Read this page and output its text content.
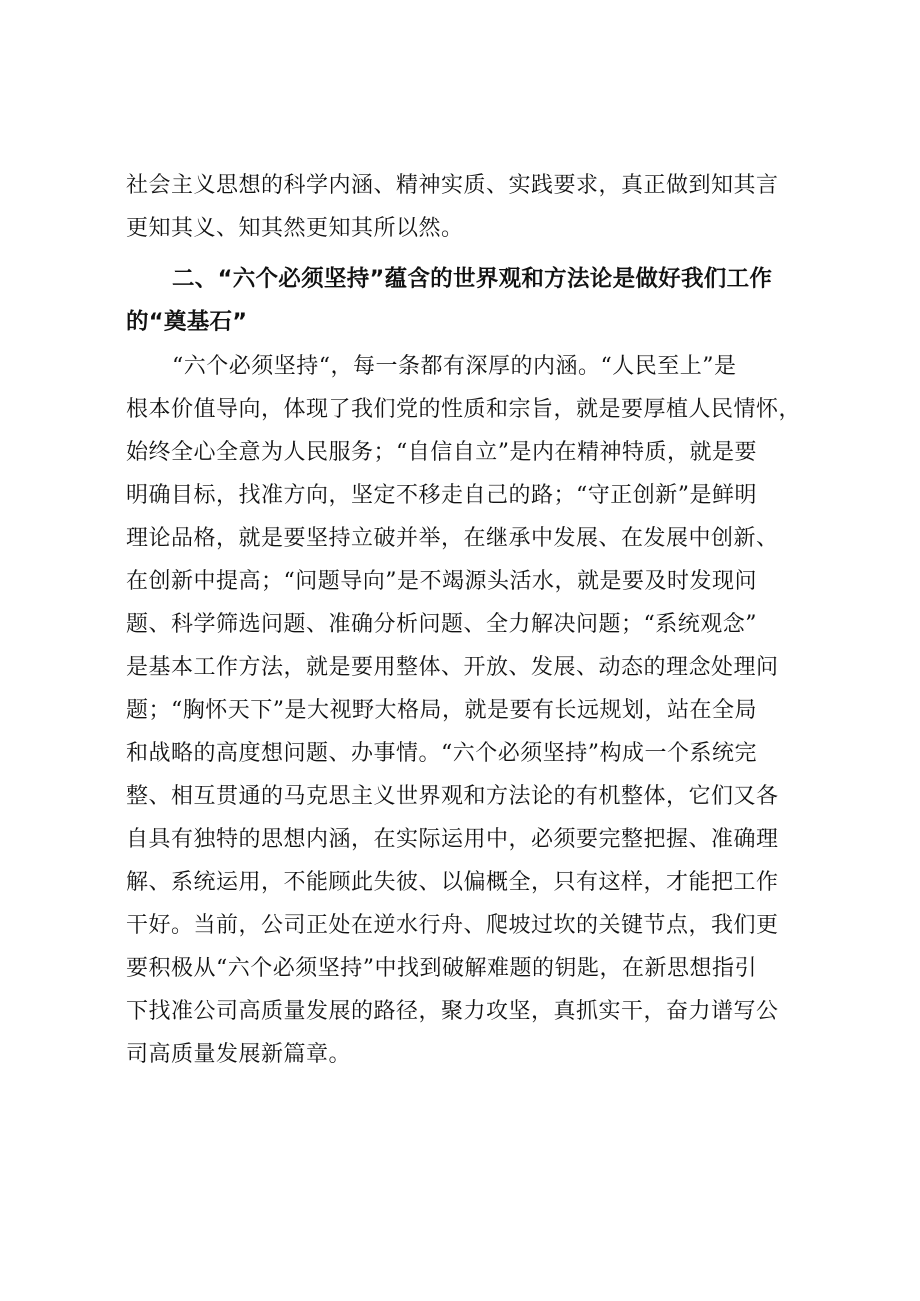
社会主义思想的科学内涵、精神实质、实践要求，真正做到知其言
更知其义、知其然更知其所以然。
二、“六个必须坚持”蕴含的世界观和方法论是做好我们工作
的“奠基石”
“六个必须坚持“，每一条都有深厚的内涵。“人民至上”是
根本价值导向，体现了我们党的性质和宗旨，就是要厚植人民情怀，
始终全心全意为人民服务；“自信自立”是内在精神特质，就是要
明确目标，找准方向，坚定不移走自己的路；“守正创新”是鲜明
理论品格，就是要坚持立破并举，在继承中发展、在发展中创新、
在创新中提高；“问题导向”是不竭源头活水，就是要及时发现问
题、科学筛选问题、准确分析问题、全力解决问题；“系统观念”
是基本工作方法，就是要用整体、开放、发展、动态的理念处理问
题；“胸怀天下”是大视野大格局，就是要有长远规划，站在全局
和战略的高度想问题、办事情。“六个必须坚持”构成一个系统完
整、相互贯通的马克思主义世界观和方法论的有机整体，它们又各
自具有独特的思想内涵，在实际运用中，必须要完整把握、准确理
解、系统运用，不能顾此失彼、以偏概全，只有这样，才能把工作
干好。当前，公司正处在逆水行舟、爬坡过坎的关键节点，我们更
要积极从“六个必须坚持”中找到破解难题的钥匙，在新思想指引
下找准公司高质量发展的路径，聚力攻坚，真抓实干，奋力谱写公
司高质量发展新篇章。
